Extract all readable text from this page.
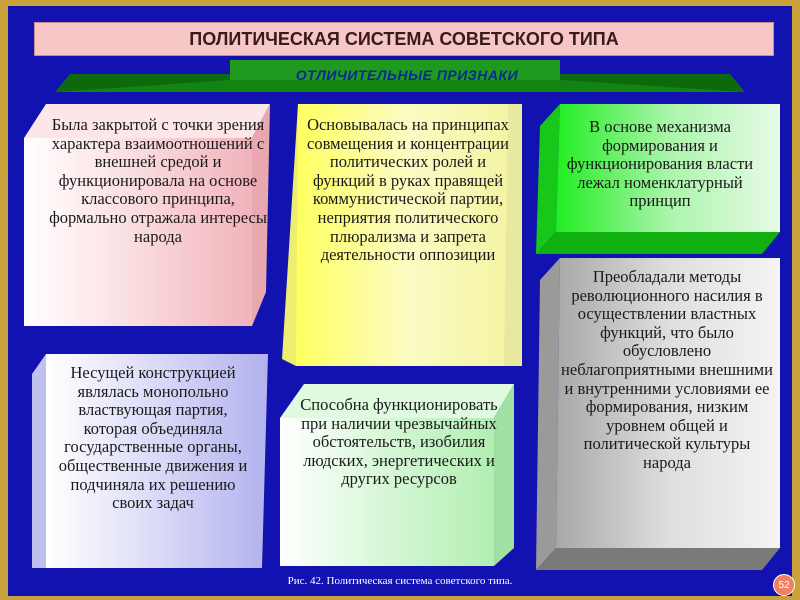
ПОЛИТИЧЕСКАЯ СИСТЕМА СОВЕТСКОГО ТИПА
ОТЛИЧИТЕЛЬНЫЕ ПРИЗНАКИ
Была закрытой с точки зрения характера взаимоотношений с внешней средой и функционировала на основе классового принципа, формально отражала интересы народа
Основывалась на принципах совмещения и концентрации политических ролей и функций в руках правящей коммунистической партии, неприятия политического плюрализма и запрета деятельности оппозиции
В основе механизма формирования и функционирования власти лежал номенклатурный принцип
Несущей конструкцией являлась монопольно властвующая партия, которая объединяла государственные органы, общественные движения и подчиняла их решению своих задач
Способна функционировать при наличии чрезвычайных обстоятельств, изобилия людских, энергетических и других ресурсов
Преобладали методы революционного насилия в осуществлении властных функций, что было обусловлено неблагоприятными внешними и внутренними условиями ее формирования, низким уровнем общей и политической культуры народа
Рис. 42. Политическая система советского типа.	52
